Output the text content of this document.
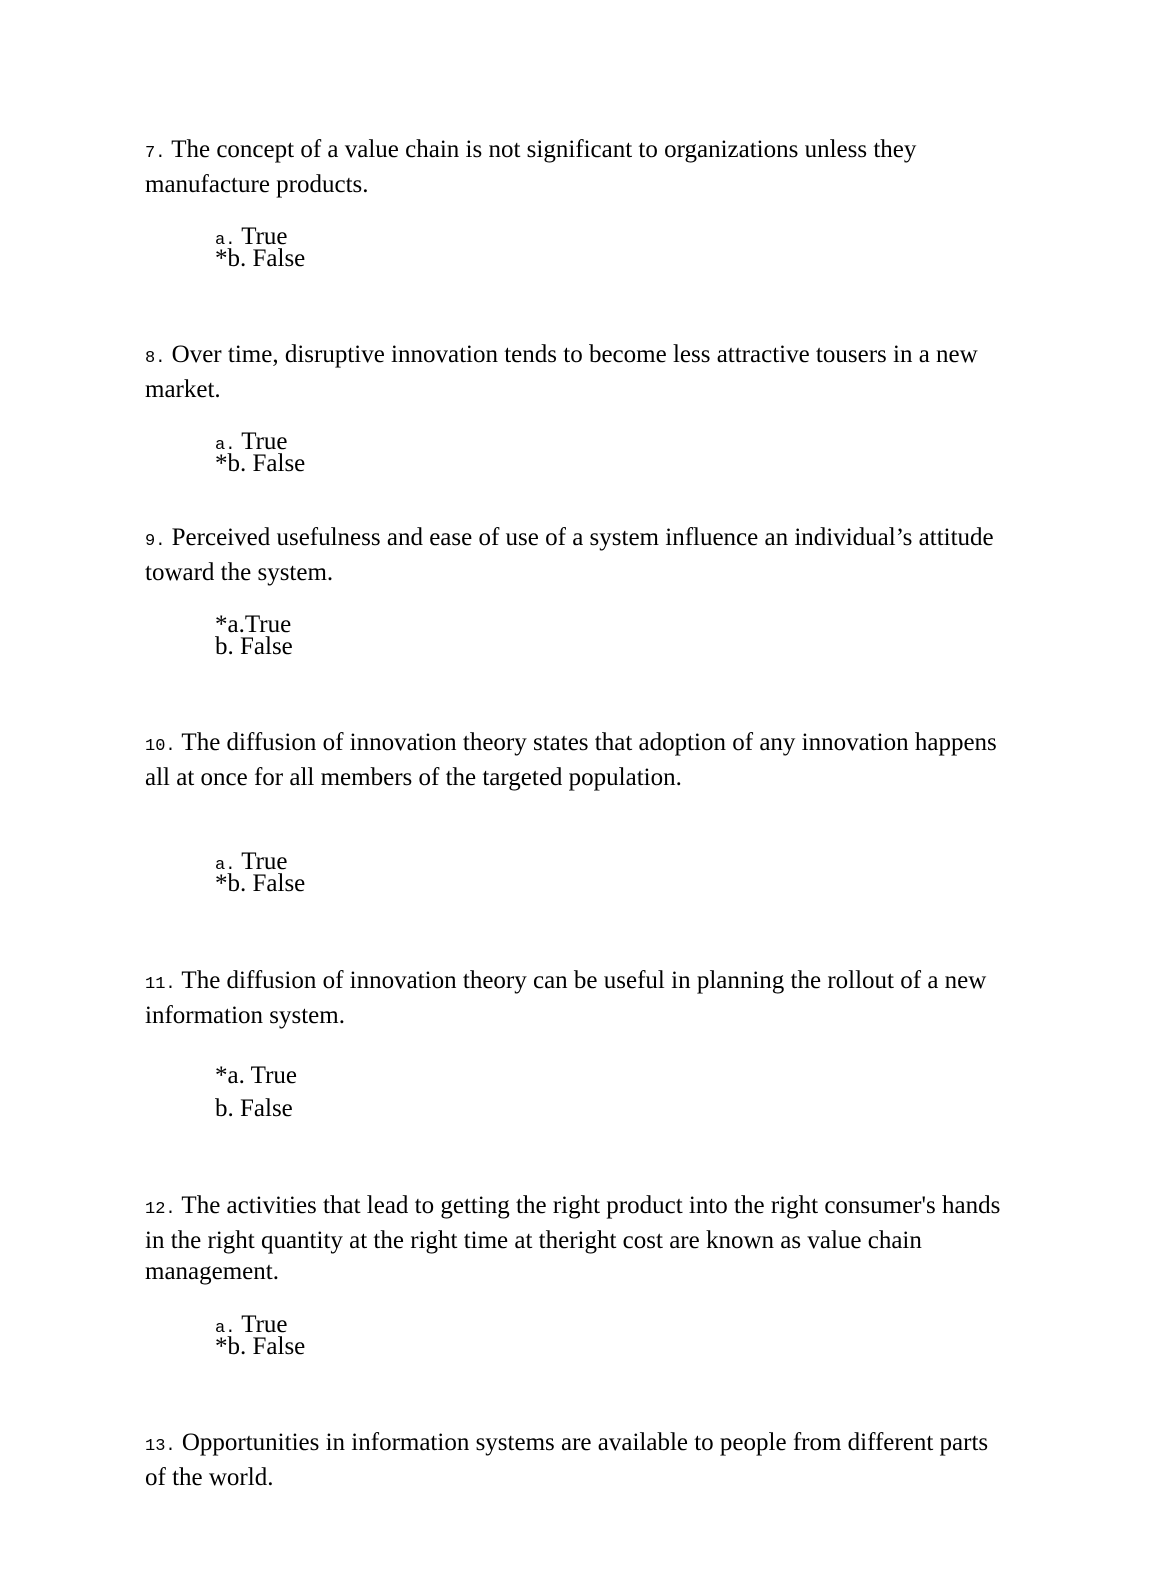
7. The concept of a value chain is not significant to organizations unless they manufacture products.

a. True
*b. False

8. Over time, disruptive innovation tends to become less attractive tousers in a new market.

a. True
*b. False

9. Perceived usefulness and ease of use of a system influence an individual’s attitude toward the system.

*a.True
b. False

10. The diffusion of innovation theory states that adoption of any innovation happens all at once for all members of the targeted population.

a. True
*b. False

11. The diffusion of innovation theory can be useful in planning the rollout of a new information system.

*a. True
b. False

12. The activities that lead to getting the right product into the right consumer's hands in the right quantity at the right time at theright cost are known as value chain management.

a. True
*b. False

13. Opportunities in information systems are available to people from different parts of the world.
